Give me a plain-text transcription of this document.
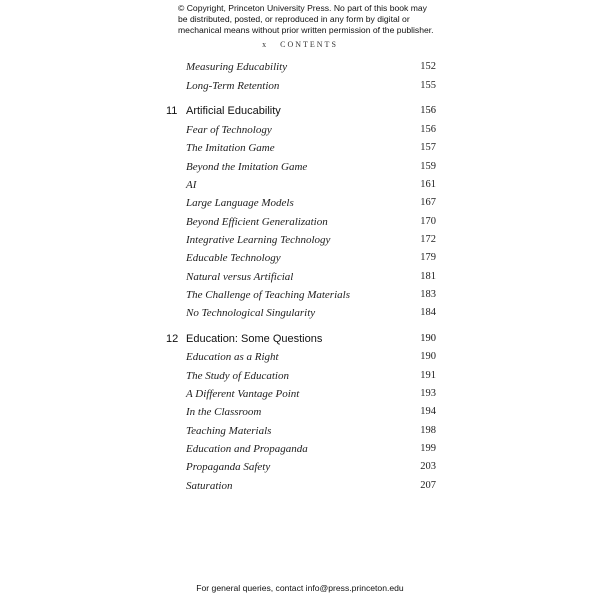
© Copyright, Princeton University Press. No part of this book may be distributed, posted, or reproduced in any form by digital or mechanical means without prior written permission of the publisher.
x CONTENTS
Measuring Educability	152
Long-Term Retention	155
11 Artificial Educability	156
Fear of Technology	156
The Imitation Game	157
Beyond the Imitation Game	159
AI	161
Large Language Models	167
Beyond Efficient Generalization	170
Integrative Learning Technology	172
Educable Technology	179
Natural versus Artificial	181
The Challenge of Teaching Materials	183
No Technological Singularity	184
12 Education: Some Questions	190
Education as a Right	190
The Study of Education	191
A Different Vantage Point	193
In the Classroom	194
Teaching Materials	198
Education and Propaganda	199
Propaganda Safety	203
Saturation	207
For general queries, contact info@press.princeton.edu
